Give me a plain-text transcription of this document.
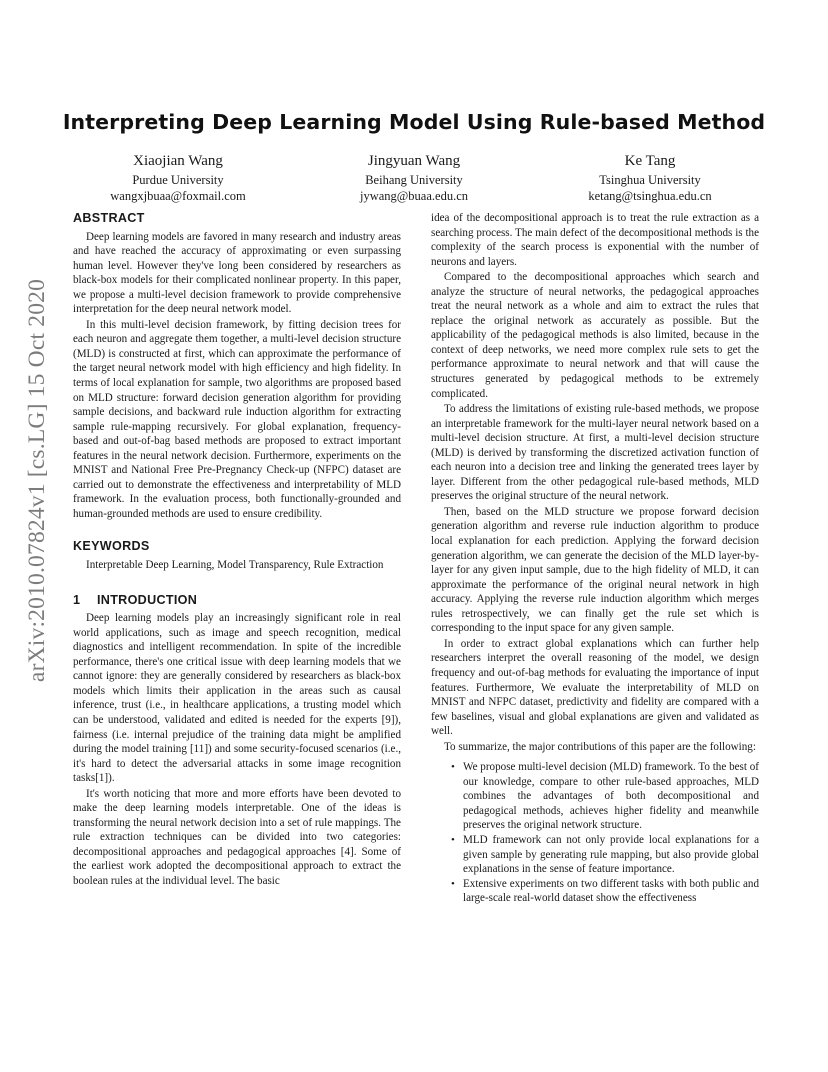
arXiv:2010.07824v1 [cs.LG] 15 Oct 2020
Interpreting Deep Learning Model Using Rule-based Method
Xiaojian Wang
Purdue University
wangxjbuaa@foxmail.com
Jingyuan Wang
Beihang University
jywang@buaa.edu.cn
Ke Tang
Tsinghua University
ketang@tsinghua.edu.cn
ABSTRACT

Deep learning models are favored in many research and industry areas and have reached the accuracy of approximating or even surpassing human level. However they've long been considered by researchers as black-box models for their complicated nonlinear property. In this paper, we propose a multi-level decision framework to provide comprehensive interpretation for the deep neural network model.

In this multi-level decision framework, by fitting decision trees for each neuron and aggregate them together, a multi-level decision structure (MLD) is constructed at first, which can approximate the performance of the target neural network model with high efficiency and high fidelity. In terms of local explanation for sample, two algorithms are proposed based on MLD structure: forward decision generation algorithm for providing sample decisions, and backward rule induction algorithm for extracting sample rule-mapping recursively. For global explanation, frequency-based and out-of-bag based methods are proposed to extract important features in the neural network decision. Furthermore, experiments on the MNIST and National Free Pre-Pregnancy Check-up (NFPC) dataset are carried out to demonstrate the effectiveness and interpretability of MLD framework. In the evaluation process, both functionally-grounded and human-grounded methods are used to ensure credibility.

KEYWORDS

Interpretable Deep Learning, Model Transparency, Rule Extraction

1 INTRODUCTION

Deep learning models play an increasingly significant role in real world applications, such as image and speech recognition, medical diagnostics and intelligent recommendation. In spite of the incredible performance, there's one critical issue with deep learning models that we cannot ignore: they are generally considered by researchers as black-box models which limits their application in the areas such as causal inference, trust (i.e., in healthcare applications, a trusting model which can be understood, validated and edited is needed for the experts [9]), fairness (i.e. internal prejudice of the training data might be amplified during the model training [11]) and some security-focused scenarios (i.e., it's hard to detect the adversarial attacks in some image recognition tasks[1]).

It's worth noticing that more and more efforts have been devoted to make the deep learning models interpretable. One of the ideas is transforming the neural network decision into a set of rule mappings. The rule extraction techniques can be divided into two categories: decompositional approaches and pedagogical approaches [4]. Some of the earliest work adopted the decompositional approach to extract the boolean rules at the individual level. The basic

idea of the decompositional approach is to treat the rule extraction as a searching process. The main defect of the decompositional methods is the complexity of the search process is exponential with the number of neurons and layers.

Compared to the decompositional approaches which search and analyze the structure of neural networks, the pedagogical approaches treat the neural network as a whole and aim to extract the rules that replace the original network as accurately as possible. But the applicability of the pedagogical methods is also limited, because in the context of deep networks, we need more complex rule sets to get the performance approximate to neural network and that will cause the structures generated by pedagogical methods to be extremely complicated.

To address the limitations of existing rule-based methods, we propose an interpretable framework for the multi-layer neural network based on a multi-level decision structure. At first, a multi-level decision structure (MLD) is derived by transforming the discretized activation function of each neuron into a decision tree and linking the generated trees layer by layer. Different from the other pedagogical rule-based methods, MLD preserves the original structure of the neural network.

Then, based on the MLD structure we propose forward decision generation algorithm and reverse rule induction algorithm to produce local explanation for each prediction. Applying the forward decision generation algorithm, we can generate the decision of the MLD layer-by-layer for any given input sample, due to the high fidelity of MLD, it can approximate the performance of the original neural network in high accuracy. Applying the reverse rule induction algorithm which merges rules retrospectively, we can finally get the rule set which is corresponding to the input space for any given sample.

In order to extract global explanations which can further help researchers interpret the overall reasoning of the model, we design frequency and out-of-bag methods for evaluating the importance of input features. Furthermore, We evaluate the interpretability of MLD on MNIST and NFPC dataset, predictivity and fidelity are compared with a few baselines, visual and global explanations are given and validated as well.

To summarize, the major contributions of this paper are the following:

• We propose multi-level decision (MLD) framework. To the best of our knowledge, compare to other rule-based approaches, MLD combines the advantages of both decompositional and pedagogical methods, achieves higher fidelity and meanwhile preserves the original network structure.
• MLD framework can not only provide local explanations for a given sample by generating rule mapping, but also provide global explanations in the sense of feature importance.
• Extensive experiments on two different tasks with both public and large-scale real-world dataset show the effectiveness
